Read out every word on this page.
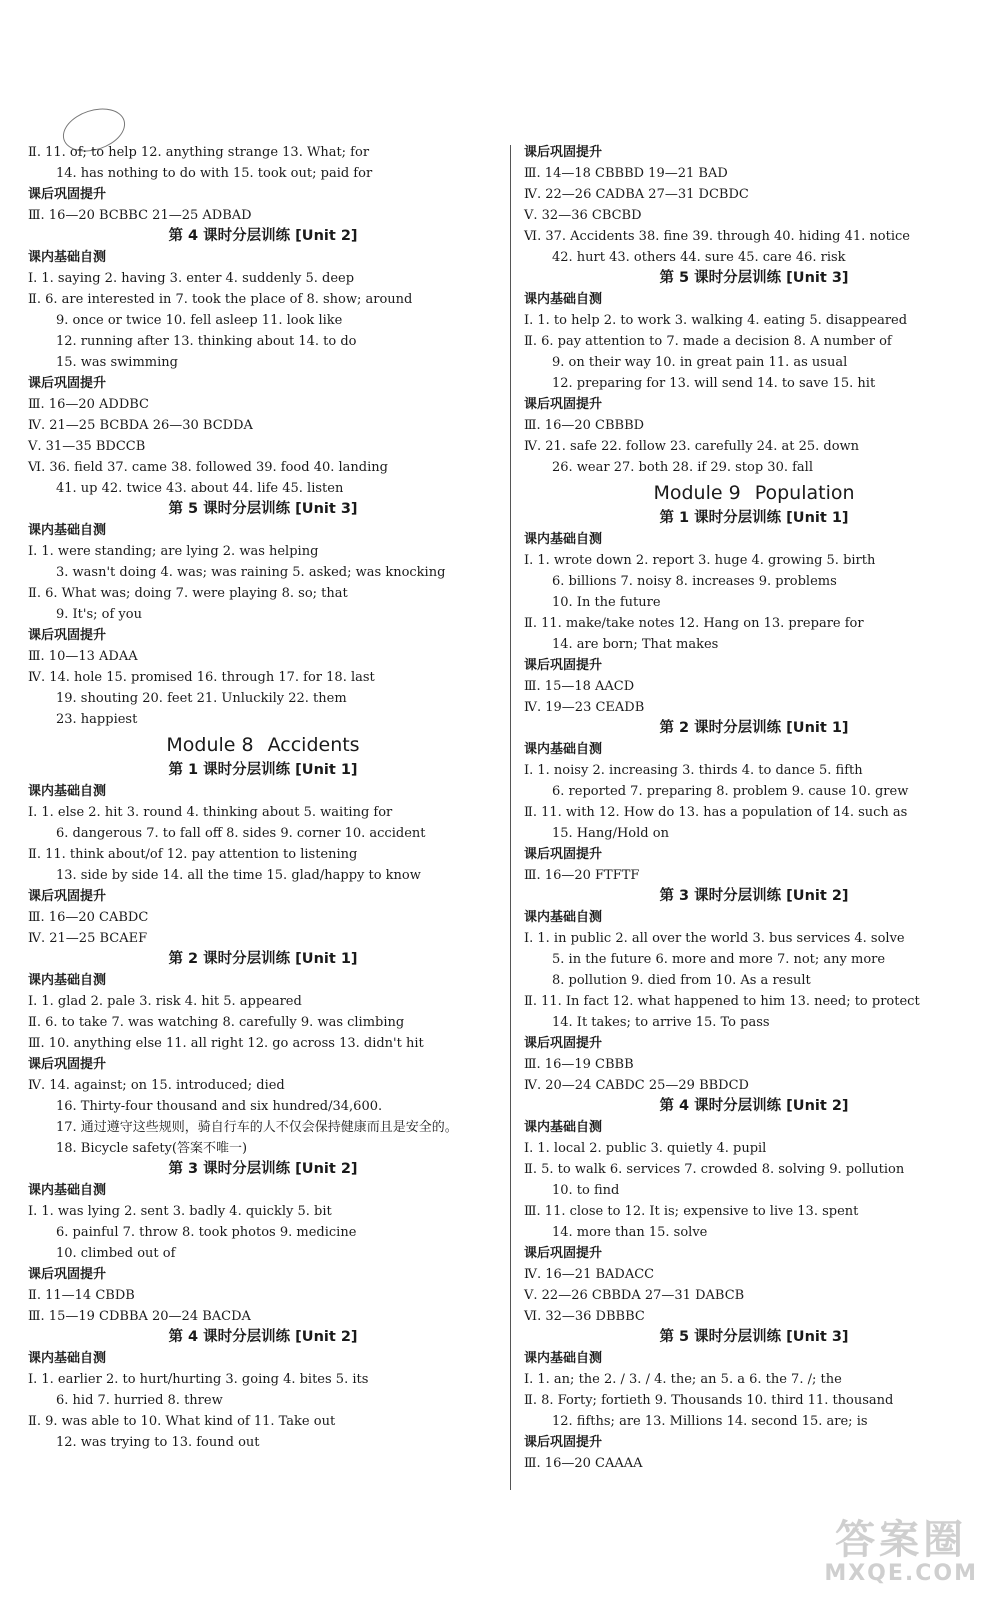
Ⅱ. 11. of; to help 12. anything strange 13. What; for
14. has nothing to do with 15. took out; paid for
课后巩固提升
Ⅲ. 16—20 BCBBC 21—25 ADBAD
第 4 课时分层训练 [Unit 2]
课内基础自测
Ⅰ. 1. saying 2. having 3. enter 4. suddenly 5. deep
Ⅱ. 6. are interested in 7. took the place of 8. show; around
9. once or twice 10. fell asleep 11. look like
12. running after 13. thinking about 14. to do
15. was swimming
课后巩固提升
Ⅲ. 16—20 ADDBC
Ⅳ. 21—25 BCBDA 26—30 BCDDA
Ⅴ. 31—35 BDCCB
Ⅵ. 36. field 37. came 38. followed 39. food 40. landing
41. up 42. twice 43. about 44. life 45. listen
第 5 课时分层训练 [Unit 3]
课内基础自测
Ⅰ. 1. were standing; are lying 2. was helping
3. wasn't doing 4. was; was raining 5. asked; was knocking
Ⅱ. 6. What was; doing 7. were playing 8. so; that
9. It's; of you
课后巩固提升
Ⅲ. 10—13 ADAA
Ⅳ. 14. hole 15. promised 16. through 17. for 18. last
19. shouting 20. feet 21. Unluckily 22. them
23. happiest
Module 8 Accidents
第 1 课时分层训练 [Unit 1]
课内基础自测
Ⅰ. 1. else 2. hit 3. round 4. thinking about 5. waiting for
6. dangerous 7. to fall off 8. sides 9. corner 10. accident
Ⅱ. 11. think about/of 12. pay attention to listening
13. side by side 14. all the time 15. glad/happy to know
课后巩固提升
Ⅲ. 16—20 CABDC
Ⅳ. 21—25 BCAEF
第 2 课时分层训练 [Unit 1]
课内基础自测
Ⅰ. 1. glad 2. pale 3. risk 4. hit 5. appeared
Ⅱ. 6. to take 7. was watching 8. carefully 9. was climbing
Ⅲ. 10. anything else 11. all right 12. go across 13. didn't hit
课后巩固提升
Ⅳ. 14. against; on 15. introduced; died
16. Thirty-four thousand and six hundred/34,600.
17. 通过遵守这些规则，骑自行车的人不仅会保持健康而且是安全的。
18. Bicycle safety(答案不唯一)
第 3 课时分层训练 [Unit 2]
课内基础自测
Ⅰ. 1. was lying 2. sent 3. badly 4. quickly 5. bit
6. painful 7. throw 8. took photos 9. medicine
10. climbed out of
课后巩固提升
Ⅱ. 11—14 CBDB
Ⅲ. 15—19 CDBBA 20—24 BACDA
第 4 课时分层训练 [Unit 2]
课内基础自测
Ⅰ. 1. earlier 2. to hurt/hurting 3. going 4. bites 5. its
6. hid 7. hurried 8. threw
Ⅱ. 9. was able to 10. What kind of 11. Take out
12. was trying to 13. found out
课后巩固提升
Ⅲ. 14—18 CBBBD 19—21 BAD
Ⅳ. 22—26 CADBA 27—31 DCBDC
Ⅴ. 32—36 CBCBD
Ⅵ. 37. Accidents 38. fine 39. through 40. hiding 41. notice
42. hurt 43. others 44. sure 45. care 46. risk
第 5 课时分层训练 [Unit 3]
课内基础自测
Ⅰ. 1. to help 2. to work 3. walking 4. eating 5. disappeared
Ⅱ. 6. pay attention to 7. made a decision 8. A number of
9. on their way 10. in great pain 11. as usual
12. preparing for 13. will send 14. to save 15. hit
课后巩固提升
Ⅲ. 16—20 CBBBD
Ⅳ. 21. safe 22. follow 23. carefully 24. at 25. down
26. wear 27. both 28. if 29. stop 30. fall
Module 9 Population
第 1 课时分层训练 [Unit 1]
课内基础自测
Ⅰ. 1. wrote down 2. report 3. huge 4. growing 5. birth
6. billions 7. noisy 8. increases 9. problems
10. In the future
Ⅱ. 11. make/take notes 12. Hang on 13. prepare for
14. are born; That makes
课后巩固提升
Ⅲ. 15—18 AACD
Ⅳ. 19—23 CEADB
第 2 课时分层训练 [Unit 1]
课内基础自测
Ⅰ. 1. noisy 2. increasing 3. thirds 4. to dance 5. fifth
6. reported 7. preparing 8. problem 9. cause 10. grew
Ⅱ. 11. with 12. How do 13. has a population of 14. such as
15. Hang/Hold on
课后巩固提升
Ⅲ. 16—20 FTFTF
第 3 课时分层训练 [Unit 2]
课内基础自测
Ⅰ. 1. in public 2. all over the world 3. bus services 4. solve
5. in the future 6. more and more 7. not; any more
8. pollution 9. died from 10. As a result
Ⅱ. 11. In fact 12. what happened to him 13. need; to protect
14. It takes; to arrive 15. To pass
课后巩固提升
Ⅲ. 16—19 CBBB
Ⅳ. 20—24 CABDC 25—29 BBDCD
第 4 课时分层训练 [Unit 2]
课内基础自测
Ⅰ. 1. local 2. public 3. quietly 4. pupil
Ⅱ. 5. to walk 6. services 7. crowded 8. solving 9. pollution
10. to find
Ⅲ. 11. close to 12. It is; expensive to live 13. spent
14. more than 15. solve
课后巩固提升
Ⅳ. 16—21 BADACC
Ⅴ. 22—26 CBBDA 27—31 DABCB
Ⅵ. 32—36 DBBBC
第 5 课时分层训练 [Unit 3]
课内基础自测
Ⅰ. 1. an; the 2. / 3. / 4. the; an 5. a 6. the 7. /; the
Ⅱ. 8. Forty; fortieth 9. Thousands 10. third 11. thousand
12. fifths; are 13. Millions 14. second 15. are; is
课后巩固提升
Ⅲ. 16—20 CAAAA
答案圈
MXQE.COM
